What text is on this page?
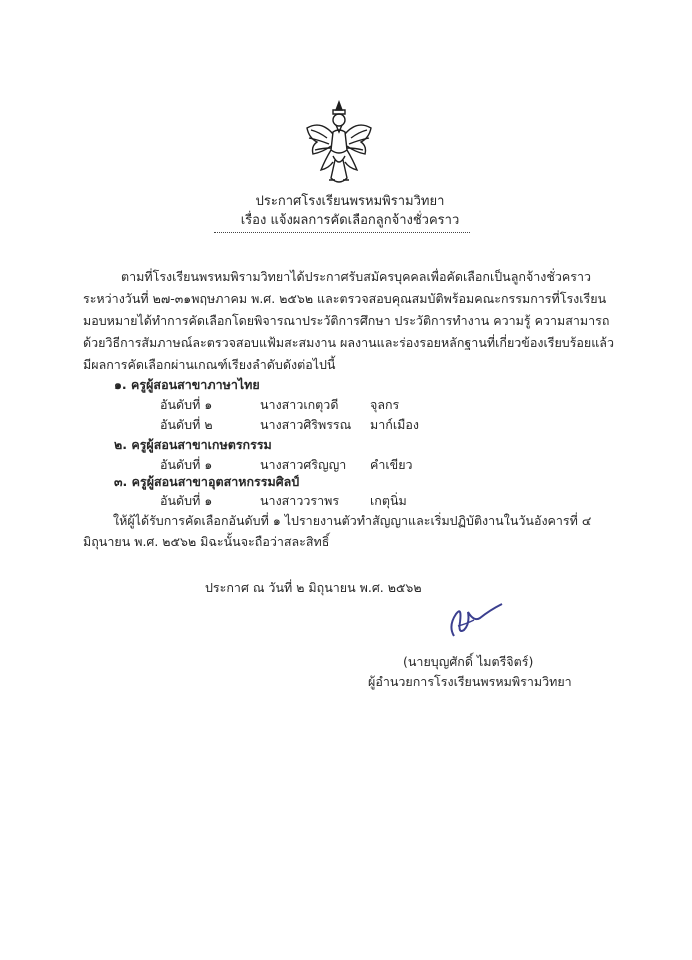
ประกาศโรงเรียนพรหมพิรามวิทยา
เรื่อง แจ้งผลการคัดเลือกลูกจ้างชั่วคราว
ตามที่โรงเรียนพรหมพิรามวิทยาได้ประกาศรับสมัครบุคคลเพื่อคัดเลือกเป็นลูกจ้างชั่วคราวระหว่างวันที่ ๒๗-๓๑พฤษภาคม พ.ศ. ๒๕๖๒ และตรวจสอบคุณสมบัติพร้อมคณะกรรมการที่โรงเรียนมอบหมายได้ทำการคัดเลือกโดยพิจารณาประวัติการศึกษา ประวัติการทำงาน ความรู้ ความสามารถด้วยวิธีการสัมภาษณ์ละตรวจสอบแฟ้มสะสมงาน ผลงานและร่องรอยหลักฐานที่เกี่ยวข้องเรียบร้อยแล้ว มีผลการคัดเลือกผ่านเกณฑ์เรียงลำดับดังต่อไปนี้
๑. ครูผู้สอนสาขาภาษาไทย
อันดับที่ ๑	นางสาวเกตุวดี	จุลกร
อันดับที่ ๒	นางสาวศิริพรรณ มาก์เมือง
๒. ครูผู้สอนสาขาเกษตรกรรม
อันดับที่ ๑	นางสาวศริญญา คำเขียว
๓. ครูผู้สอนสาขาอุตสาหกรรมศิลป์
อันดับที่ ๑	นางสาววราพร เกตุนิ่ม
ให้ผู้ได้รับการคัดเลือกอันดับที่ ๑ ไปรายงานตัวทำสัญญาและเริ่มปฏิบัติงานในวันอังคารที่ ๔ มิถุนายน พ.ศ. ๒๕๖๒ มิฉะนั้นจะถือว่าสละสิทธิ์
ประกาศ ณ วันที่ ๒ มิถุนายน พ.ศ. ๒๕๖๒
(นายบุญศักดิ์ ไมตรีจิตร์)
ผู้อำนวยการโรงเรียนพรหมพิรามวิทยา
